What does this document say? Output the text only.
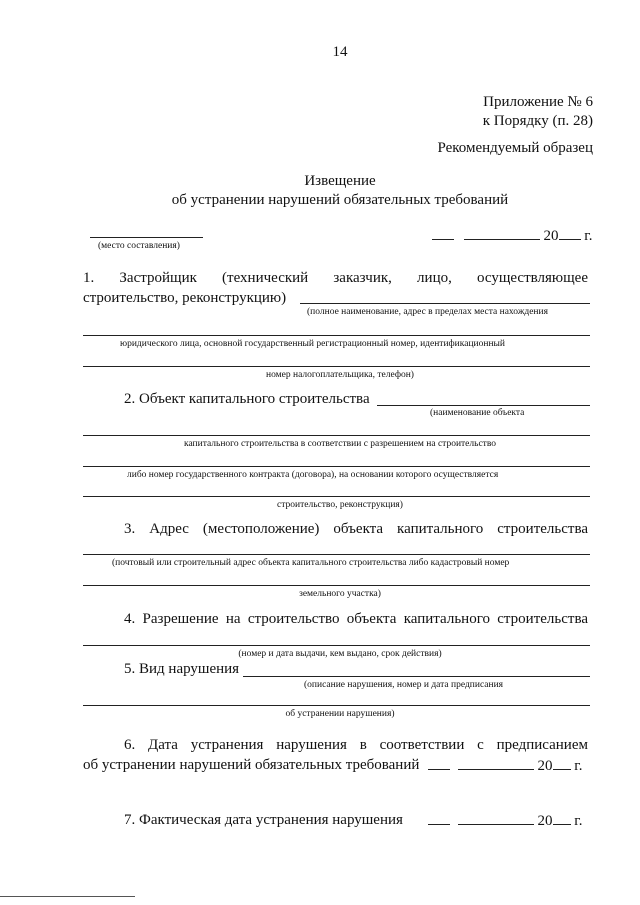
14
Приложение № 6
к Порядку (п. 28)
Рекомендуемый образец
Извещение
об устранении нарушений обязательных требований
(место составления)
20 г.
1. Застройщик (технический заказчик, лицо, осуществляющее
строительство, реконструкцию)
(полное наименование, адрес в пределах места нахождения
юридического лица, основной государственный регистрационный номер, идентификационный
номер налогоплательщика, телефон)
2. Объект капитального строительства
(наименование объекта
капитального строительства в соответствии с разрешением на строительство
либо номер государственного контракта (договора), на основании которого осуществляется
строительство, реконструкция)
3. Адрес (местоположение) объекта капитального строительства
(почтовый или строительный адрес объекта капитального строительства либо кадастровый номер
земельного участка)
4. Разрешение на строительство объекта капитального строительства
(номер и дата выдачи, кем выдано, срок действия)
5. Вид нарушения
(описание нарушения, номер и дата предписания
об устранении нарушения)
6. Дата устранения нарушения в соответствии с предписанием
об устранении нарушений обязательных требований	20 г.
7. Фактическая дата устранения нарушения	20 г.
